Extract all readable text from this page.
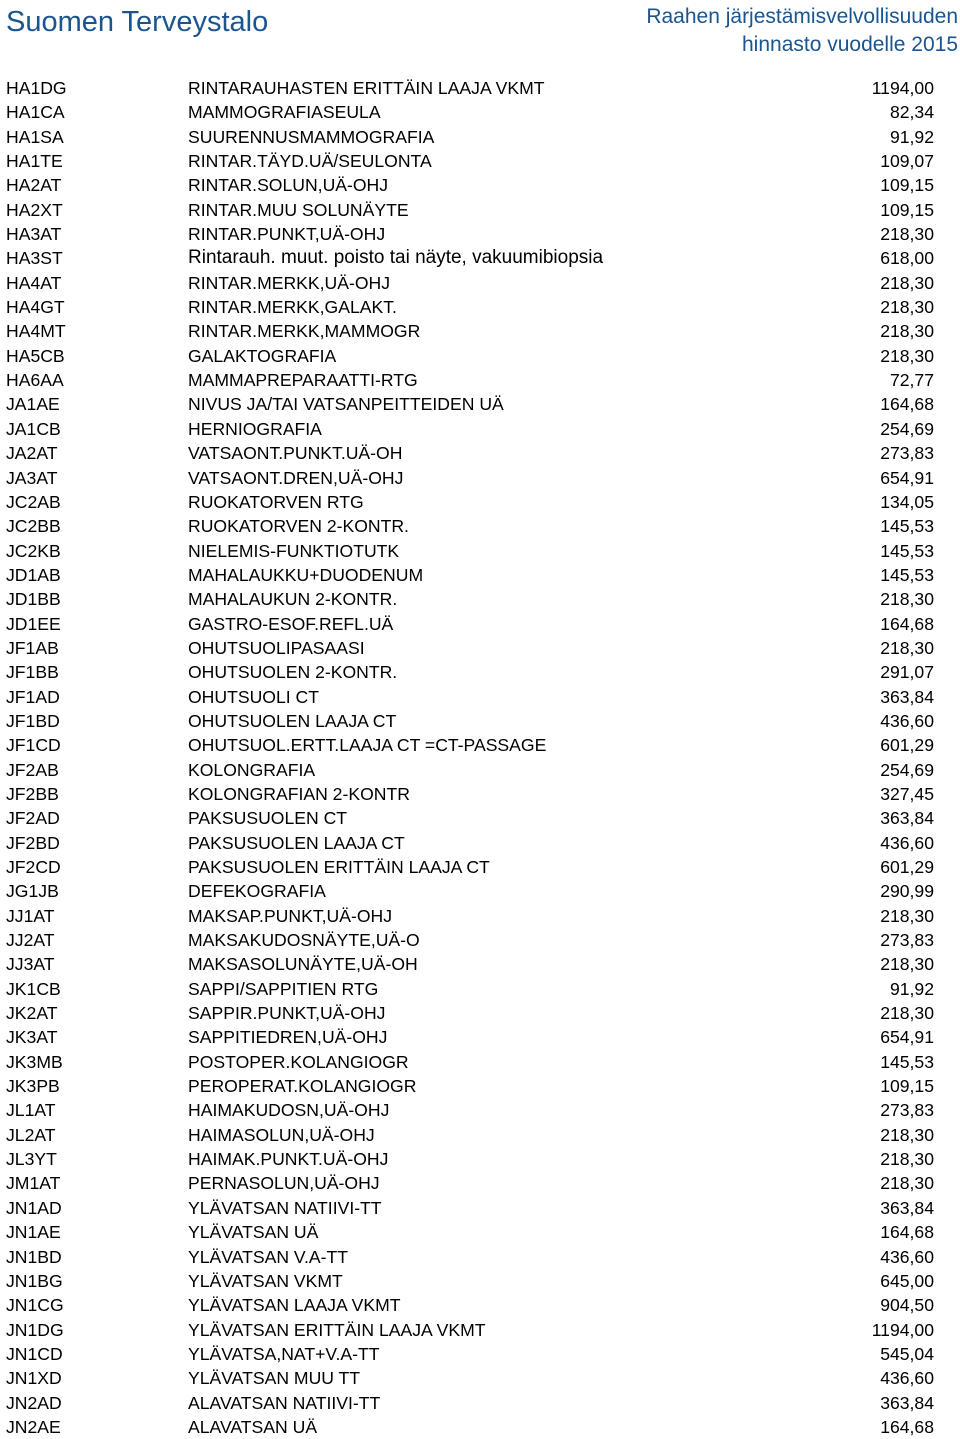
Suomen Terveystalo	Raahen järjestämisvelvollisuuden
hinnasto vuodelle 2015
HA1DG	RINTARAUHASTEN ERITTÄIN LAAJA VKMT	1194,00
HA1CA	MAMMOGRAFIASEULA	82,34
HA1SA	SUURENNUSMAMMOGRAFIA	91,92
HA1TE	RINTAR.TÄYD.UÄ/SEULONTA	109,07
HA2AT	RINTAR.SOLUN,UÄ-OHJ	109,15
HA2XT	RINTAR.MUU SOLUNÄYTE	109,15
HA3AT	RINTAR.PUNKT,UÄ-OHJ	218,30
HA3ST	Rintarauh. muut. poisto tai näyte, vakuumibiopsia	618,00
HA4AT	RINTAR.MERKK,UÄ-OHJ	218,30
HA4GT	RINTAR.MERKK,GALAKT.	218,30
HA4MT	RINTAR.MERKK,MAMMOGR	218,30
HA5CB	GALAKTOGRAFIA	218,30
HA6AA	MAMMAPREPARAATTI-RTG	72,77
JA1AE	NIVUS JA/TAI VATSANPEITTEIDEN UÄ	164,68
JA1CB	HERNIOGRAFIA	254,69
JA2AT	VATSAONT.PUNKT.UÄ-OH	273,83
JA3AT	VATSAONT.DREN,UÄ-OHJ	654,91
JC2AB	RUOKATORVEN RTG	134,05
JC2BB	RUOKATORVEN 2-KONTR.	145,53
JC2KB	NIELEMIS-FUNKTIOTUTK	145,53
JD1AB	MAHALAUKKU+DUODENUM	145,53
JD1BB	MAHALAUKUN 2-KONTR.	218,30
JD1EE	GASTRO-ESOF.REFL.UÄ	164,68
JF1AB	OHUTSUOLIPASAASI	218,30
JF1BB	OHUTSUOLEN 2-KONTR.	291,07
JF1AD	OHUTSUOLI CT	363,84
JF1BD	OHUTSUOLEN LAAJA CT	436,60
JF1CD	OHUTSUOL.ERTT.LAAJA CT =CT-PASSAGE	601,29
JF2AB	KOLONGRAFIA	254,69
JF2BB	KOLONGRAFIAN 2-KONTR	327,45
JF2AD	PAKSUSUOLEN CT	363,84
JF2BD	PAKSUSUOLEN LAAJA CT	436,60
JF2CD	PAKSUSUOLEN ERITTÄIN LAAJA CT	601,29
JG1JB	DEFEKOGRAFIA	290,99
JJ1AT	MAKSAP.PUNKT,UÄ-OHJ	218,30
JJ2AT	MAKSAKUDOSNÄYTE,UÄ-O	273,83
JJ3AT	MAKSASOLUNÄYTE,UÄ-OH	218,30
JK1CB	SAPPI/SAPPITIEN RTG	91,92
JK2AT	SAPPIR.PUNKT,UÄ-OHJ	218,30
JK3AT	SAPPITIEDREN,UÄ-OHJ	654,91
JK3MB	POSTOPER.KOLANGIOGR	145,53
JK3PB	PEROPERAT.KOLANGIOGR	109,15
JL1AT	HAIMAKUDOSN,UÄ-OHJ	273,83
JL2AT	HAIMASOLUN,UÄ-OHJ	218,30
JL3YT	HAIMAK.PUNKT.UÄ-OHJ	218,30
JM1AT	PERNASOLUN,UÄ-OHJ	218,30
JN1AD	YLÄVATSAN NATIIVI-TT	363,84
JN1AE	YLÄVATSAN UÄ	164,68
JN1BD	YLÄVATSAN V.A-TT	436,60
JN1BG	YLÄVATSAN VKMT	645,00
JN1CG	YLÄVATSAN LAAJA VKMT	904,50
JN1DG	YLÄVATSAN ERITTÄIN LAAJA VKMT	1194,00
JN1CD	YLÄVATSA,NAT+V.A-TT	545,04
JN1XD	YLÄVATSAN MUU TT	436,60
JN2AD	ALAVATSAN NATIIVI-TT	363,84
JN2AE	ALAVATSAN UÄ	164,68
